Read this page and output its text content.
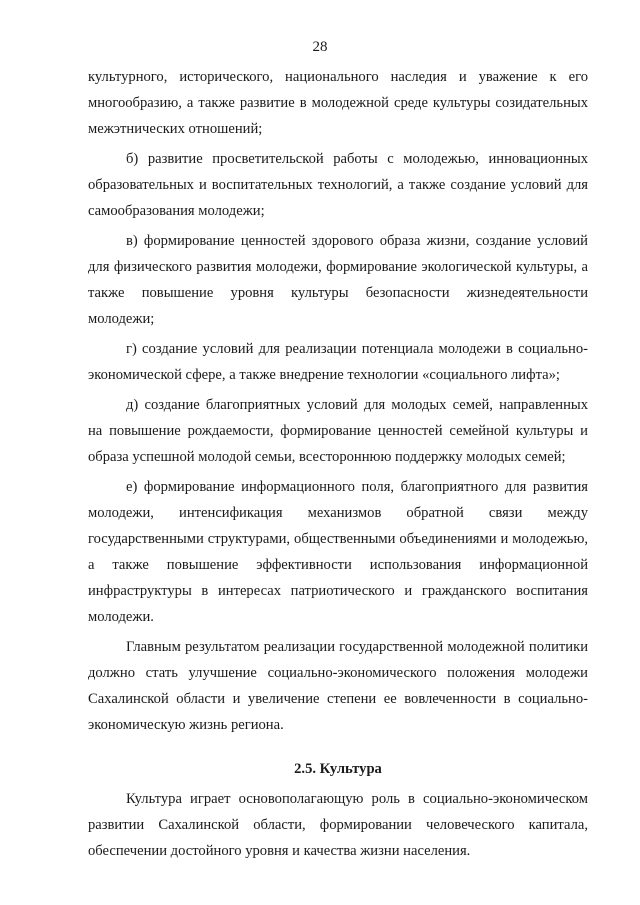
28

культурного, исторического, национального наследия и уважение к его многообразию, а также развитие в молодежной среде культуры созидательных межэтнических отношений;

б) развитие просветительской работы с молодежью, инновационных образовательных и воспитательных технологий, а также создание условий для самообразования молодежи;

в) формирование ценностей здорового образа жизни, создание условий для физического развития молодежи, формирование экологической культуры, а также повышение уровня культуры безопасности жизнедеятельности молодежи;

г) создание условий для реализации потенциала молодежи в социально-экономической сфере, а также внедрение технологии «социального лифта»;

д) создание благоприятных условий для молодых семей, направленных на повышение рождаемости, формирование ценностей семейной культуры и образа успешной молодой семьи, всестороннюю поддержку молодых семей;

е) формирование информационного поля, благоприятного для развития молодежи, интенсификация механизмов обратной связи между государственными структурами, общественными объединениями и молодежью, а также повышение эффективности использования информационной инфраструктуры в интересах патриотического и гражданского воспитания молодежи.

Главным результатом реализации государственной молодежной политики должно стать улучшение социально-экономического положения молодежи Сахалинской области и увеличение степени ее вовлеченности в социально-экономическую жизнь региона.

2.5. Культура

Культура играет основополагающую роль в социально-экономическом развитии Сахалинской области, формировании человеческого капитала, обеспечении достойного уровня и качества жизни населения.
